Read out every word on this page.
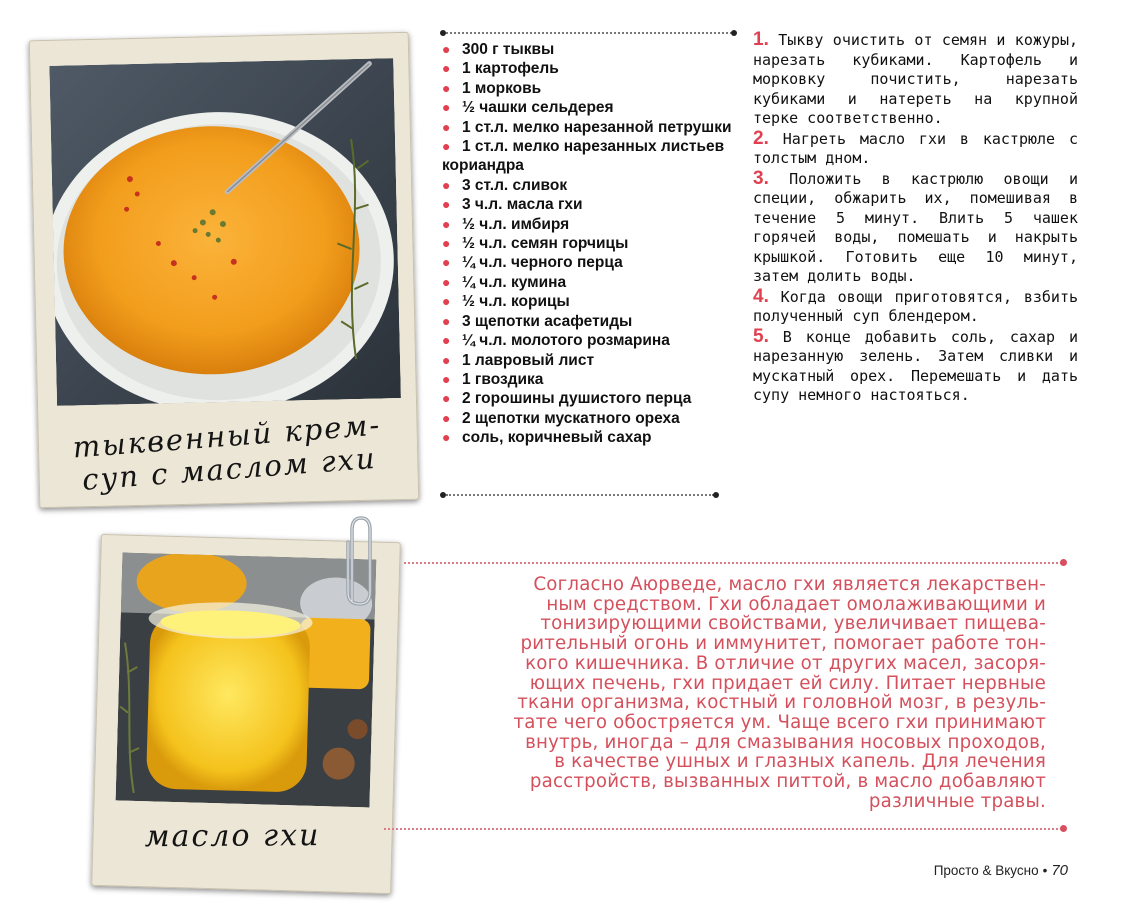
тыквенный крем-суп с маслом гхи
масло гхи
● 300 г тыквы
● 1 картофель
● 1 морковь
● ½ чашки сельдерея
● 1 ст.л. мелко нарезанной петрушки
● 1 ст.л. мелко нарезанных листьев кориандра
● 3 ст.л. сливок
● 3 ч.л. масла гхи
● ½ ч.л. имбиря
● ½ ч.л. семян горчицы
● ¼ ч.л. черного перца
● ¼ ч.л. кумина
● ½ ч.л. корицы
● 3 щепотки асафетиды
● ¼ ч.л. молотого розмарина
● 1 лавровый лист
● 1 гвоздика
● 2 горошины душистого перца
● 2 щепотки мускатного ореха
● соль, коричневый сахар

1. Тыкву очистить от семян и кожуры, нарезать кубиками. Картофель и морковку почистить, нарезать кубиками и натереть на крупной терке соответственно.

2. Нагреть масло гхи в кастрюле с толстым дном.

3. Положить в кастрюлю овощи и специи, обжарить их, помешивая в течение 5 минут. Влить 5 чашек горячей воды, помешать и накрыть крышкой. Готовить еще 10 минут, затем долить воды.

4. Когда овощи приготовятся, взбить полученный суп блендером.

5. В конце добавить соль, сахар и нарезанную зелень. Затем сливки и мускатный орех. Перемешать и дать супу немного настояться.

Согласно Аюрведе, масло гхи является лекарствен-
ным средством. Гхи обладает омолаживающими и
тонизирующими свойствами, увеличивает пищева-
рительный огонь и иммунитет, помогает работе тон-
кого кишечника. В отличие от других масел, засоря-
ющих печень, гхи придает ей силу. Питает нервные
ткани организма, костный и головной мозг, в резуль-
тате чего обостряется ум. Чаще всего гхи принимают
внутрь, иногда – для смазывания носовых проходов,
в качестве ушных и глазных капель. Для лечения
расстройств, вызванных питтой, в масло добавляют
различные травы.
Просто & Вкусно • 70
